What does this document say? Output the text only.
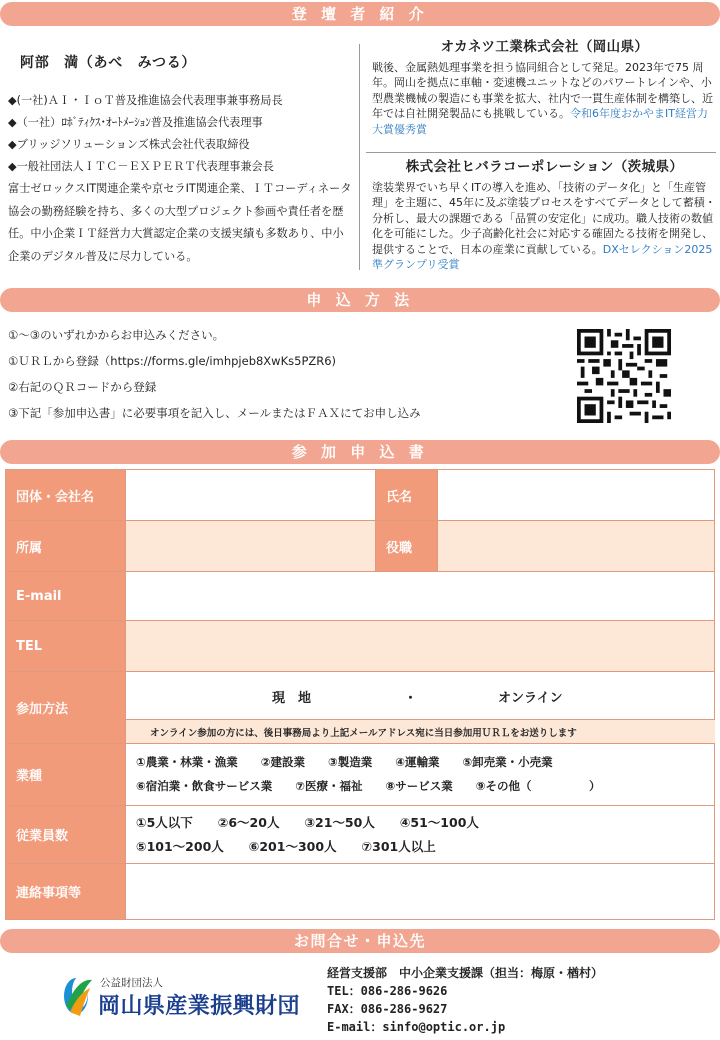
登 壇 者 紹 介
阿部　満（あべ　みつる）
◆(一社)ＡＩ・ＩｏＴ普及推進協会代表理事兼事務局長
◆（一社）ﾛﾎﾞﾃｨｸｽ･ｵｰﾄﾒｰｼｮﾝ普及推進協会代表理事
◆ブリッジソリューションズ株式会社代表取締役
◆一般社団法人ＩＴＣ－ＥＸＰＥＲＴ代表理事兼会長
富士ゼロックスIT関連企業や京セラIT関連企業、ＩＴコーディネータ協会の勤務経験を持ち、多くの大型プロジェクト参画や責任者を歴任。中小企業ＩＴ経営力大賞認定企業の支援実績も多数あり、中小企業のデジタル普及に尽力している。
オカネツ工業株式会社（岡山県）
戦後、金属熱処理事業を担う協同組合として発足。2023年で75 周年。岡山を拠点に車軸・変速機ユニットなどのパワートレインや、小型農業機械の製造にも事業を拡大、社内で一貫生産体制を構築し、近年では自社開発製品にも挑戦している。令和6年度おかやまIT経営力大賞優秀賞
株式会社ヒバラコーポレーション（茨城県）
塗装業界でいち早くITの導入を進め、「技術のデータ化」と「生産管理」を主題に、45年に及ぶ塗装プロセスをすべてデータとして蓄積・分析し、最大の課題である「品質の安定化」に成功。職人技術の数値化を可能にした。少子高齢化社会に対応する確固たる技術を開発し、提供することで、日本の産業に貢献している。DXセレクション2025準グランプリ受賞
申 込 方 法
①～③のいずれかからお申込みください。
①ＵＲＬから登録（https://forms.gle/imhpjeb8XwKs5PZR6)
②右記のＱＲコードから登録
③下記「参加申込書」に必要事項を記入し、メールまたはＦＡＸにてお申し込み
参 加 申 込 書
団体・会社名	氏名
所属	役職
E-mail
TEL
参加方法
現　地	・	オンライン
オンライン参加の方には、後日事務局より上記メールアドレス宛に当日参加用ＵＲＬをお送りします
業種
①農業・林業・漁業　　②建設業　　③製造業　　④運輸業　　⑤卸売業・小売業
⑥宿泊業・飲食サービス業　　⑦医療・福祉　　⑧サービス業　　⑨その他（　　　　　）
従業員数
①5人以下　　②6～20人　　③21～50人　　④51～100人
⑤101～200人　　⑥201～300人　　⑦301人以上
連絡事項等
お問合せ・申込先
公益財団法人
岡山県産業振興財団
経営支援部　中小企業支援課（担当：梅原・楢村）
TEL：086-286-9626
FAX：086-286-9627
E-mail：sinfo@optic.or.jp
